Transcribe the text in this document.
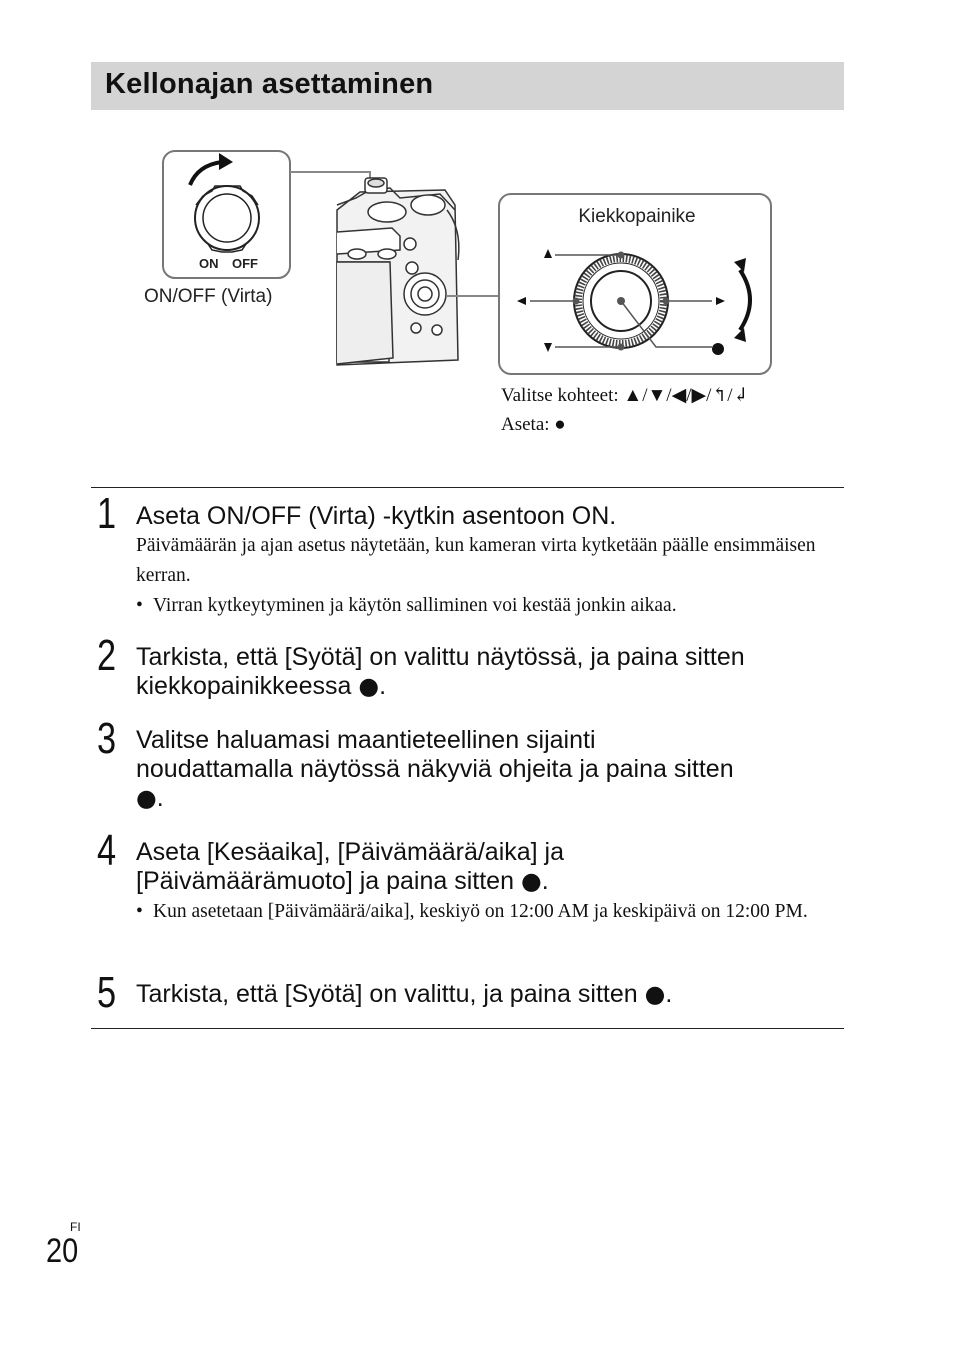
Kellonajan asettaminen
ON OFF
Kiekkopainike
ON/OFF (Virta)
Valitse kohteet: ▲/▼/◀/▶/↰/↲
Aseta: ●
1 Aseta ON/OFF (Virta) -kytkin asentoon ON.
Päivämäärän ja ajan asetus näytetään, kun kameran virta kytketään päälle ensimmäisen kerran.
• Virran kytkeytyminen ja käytön salliminen voi kestää jonkin aikaa.
2 Tarkista, että [Syötä] on valittu näytössä, ja paina sitten
kiekkopainikkeessa ●.
3 Valitse haluamasi maantieteellinen sijainti
noudattamalla näytössä näkyviä ohjeita ja paina sitten
●.
4 Aseta [Kesäaika], [Päivämäärä/aika] ja
[Päivämäärämuoto] ja paina sitten ●.
• Kun asetetaan [Päivämäärä/aika], keskiyö on 12:00 AM ja keskipäivä on 12:00 PM.
5 Tarkista, että [Syötä] on valittu, ja paina sitten ●.
FI
20
